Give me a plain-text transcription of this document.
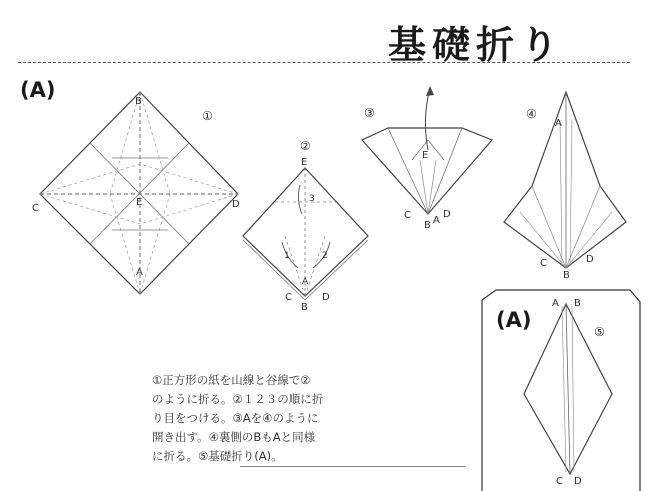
基礎折り
(A)
①
B
C	D
E
A
②
E
3
1	2
A
C
B
D
③
E
C
B A
D
④
A
C
B
D
⑤
A B
C D
(A)
①正方形の紙を山線と谷線で②
のように折る。②１２３の順に折
り目をつける。③Aを④のように
開き出す。④裏側のBもAと同様
に折る。⑤基礎折り(A)。
